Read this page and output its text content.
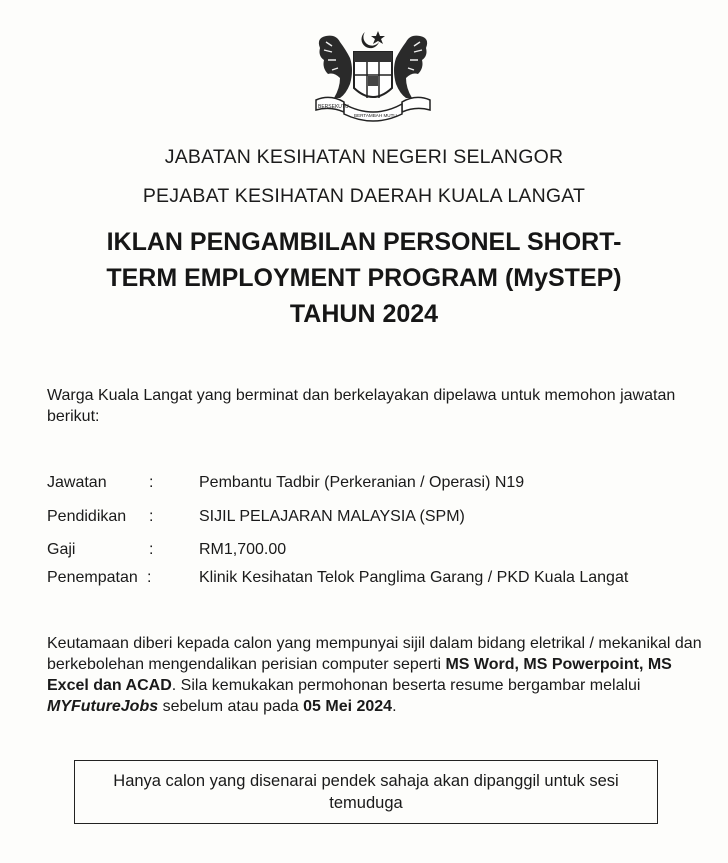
BERSEKUTU
BERTAMBAH MUTU
JABATAN KESIHATAN NEGERI SELANGOR
PEJABAT KESIHATAN DAERAH KUALA LANGAT
IKLAN PENGAMBILAN PERSONEL SHORT-
TERM EMPLOYMENT PROGRAM (MySTEP)
TAHUN 2024
Warga Kuala Langat yang berminat dan berkelayakan dipelawa untuk memohon jawatan berikut:
Jawatan	:	Pembantu Tadbir (Perkeranian / Operasi) N19
Pendidikan :	SIJIL PELAJARAN MALAYSIA (SPM)
Gaji	:	RM1,700.00
Penempatan :	Klinik Kesihatan Telok Panglima Garang / PKD Kuala Langat
Keutamaan diberi kepada calon yang mempunyai sijil dalam bidang eletrikal / mekanikal dan berkebolehan mengendalikan perisian computer seperti MS Word, MS Powerpoint, MS Excel dan ACAD. Sila kemukakan permohonan beserta resume bergambar melalui MYFutureJobs sebelum atau pada 05 Mei 2024.
Hanya calon yang disenarai pendek sahaja akan dipanggil untuk sesi temuduga
